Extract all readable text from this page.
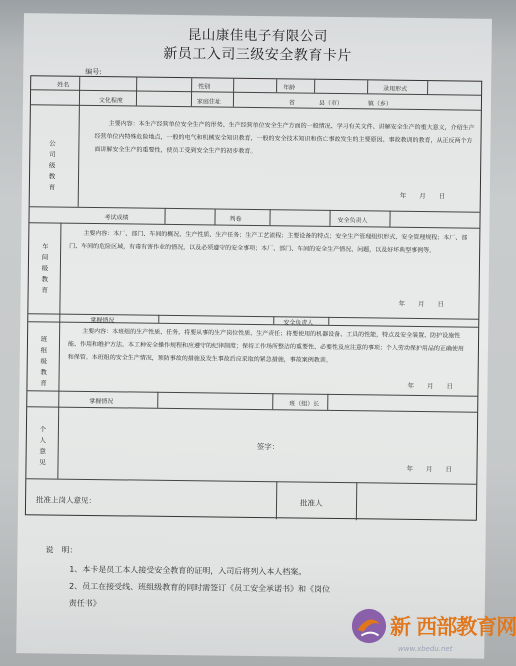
昆山康佳电子有限公司
新员工入司三级安全教育卡片
编号:
姓名	性别	年龄	录用形式
文化程度	家庭住址	省	县（市）	镇（乡）
公司级教育
主要内容：本生产经营单位安全生产的形势、生产经营单位安全生产方面的一般情况、学习有关文件、讲解安全生产的重大意义，介绍生产经营单位内特殊危险地点，一般的电气和机械安全知识教育，一般的安全技术知识和伤亡事故发生的主要原因、事故教训的教育，从正反两个方面讲解安全生产的重要性，使员工受到安全生产的初步教育。
年　　月　　日
考试成绩	判卷	安全负责人
车间级教育
主要内容：本厂、部门、车间的概况，生产性质、生产任务；生产工艺流程；主要设备的特点；安全生产管理组织形式、安全管理规程；本厂、部门、车间的危险区域，有毒有害作业的情况，以及必须遵守的安全事项；本厂、部门、车间的安全生产情况、问题，以及好坏典型事例等。
年　　月　　日
掌握情况	安全负责人
班组级教育
主要内容：本班组的生产性质、任务，将要从事的生产岗位性质、生产责任；将要使用的机器设备、工具的性能，特点及安全装置、防护设施性能、作用和维护方法。本工种安全操作规程和应遵守的纪律制度；保持工作场所整洁的重要性、必要性及应注意的事项；个人劳动保护用品的正确使用和保管。本班组的安全生产情况，预防事故的措施及发生事故后应采取的紧急措施，事故案例教训。
年　　月　　日
掌握情况	班（组）长
个人意见
签字：
年　　月　　日
批准上岗人意见：	批准人
说　明：
1、本卡是员工本人接受安全教育的证明，入司后将列入本人档案。
2、员工在接受线、班组级教育的同时需签订《员工安全承诺书》和《岗位
责任书》
新 西部教育网
www.xbedu.net
